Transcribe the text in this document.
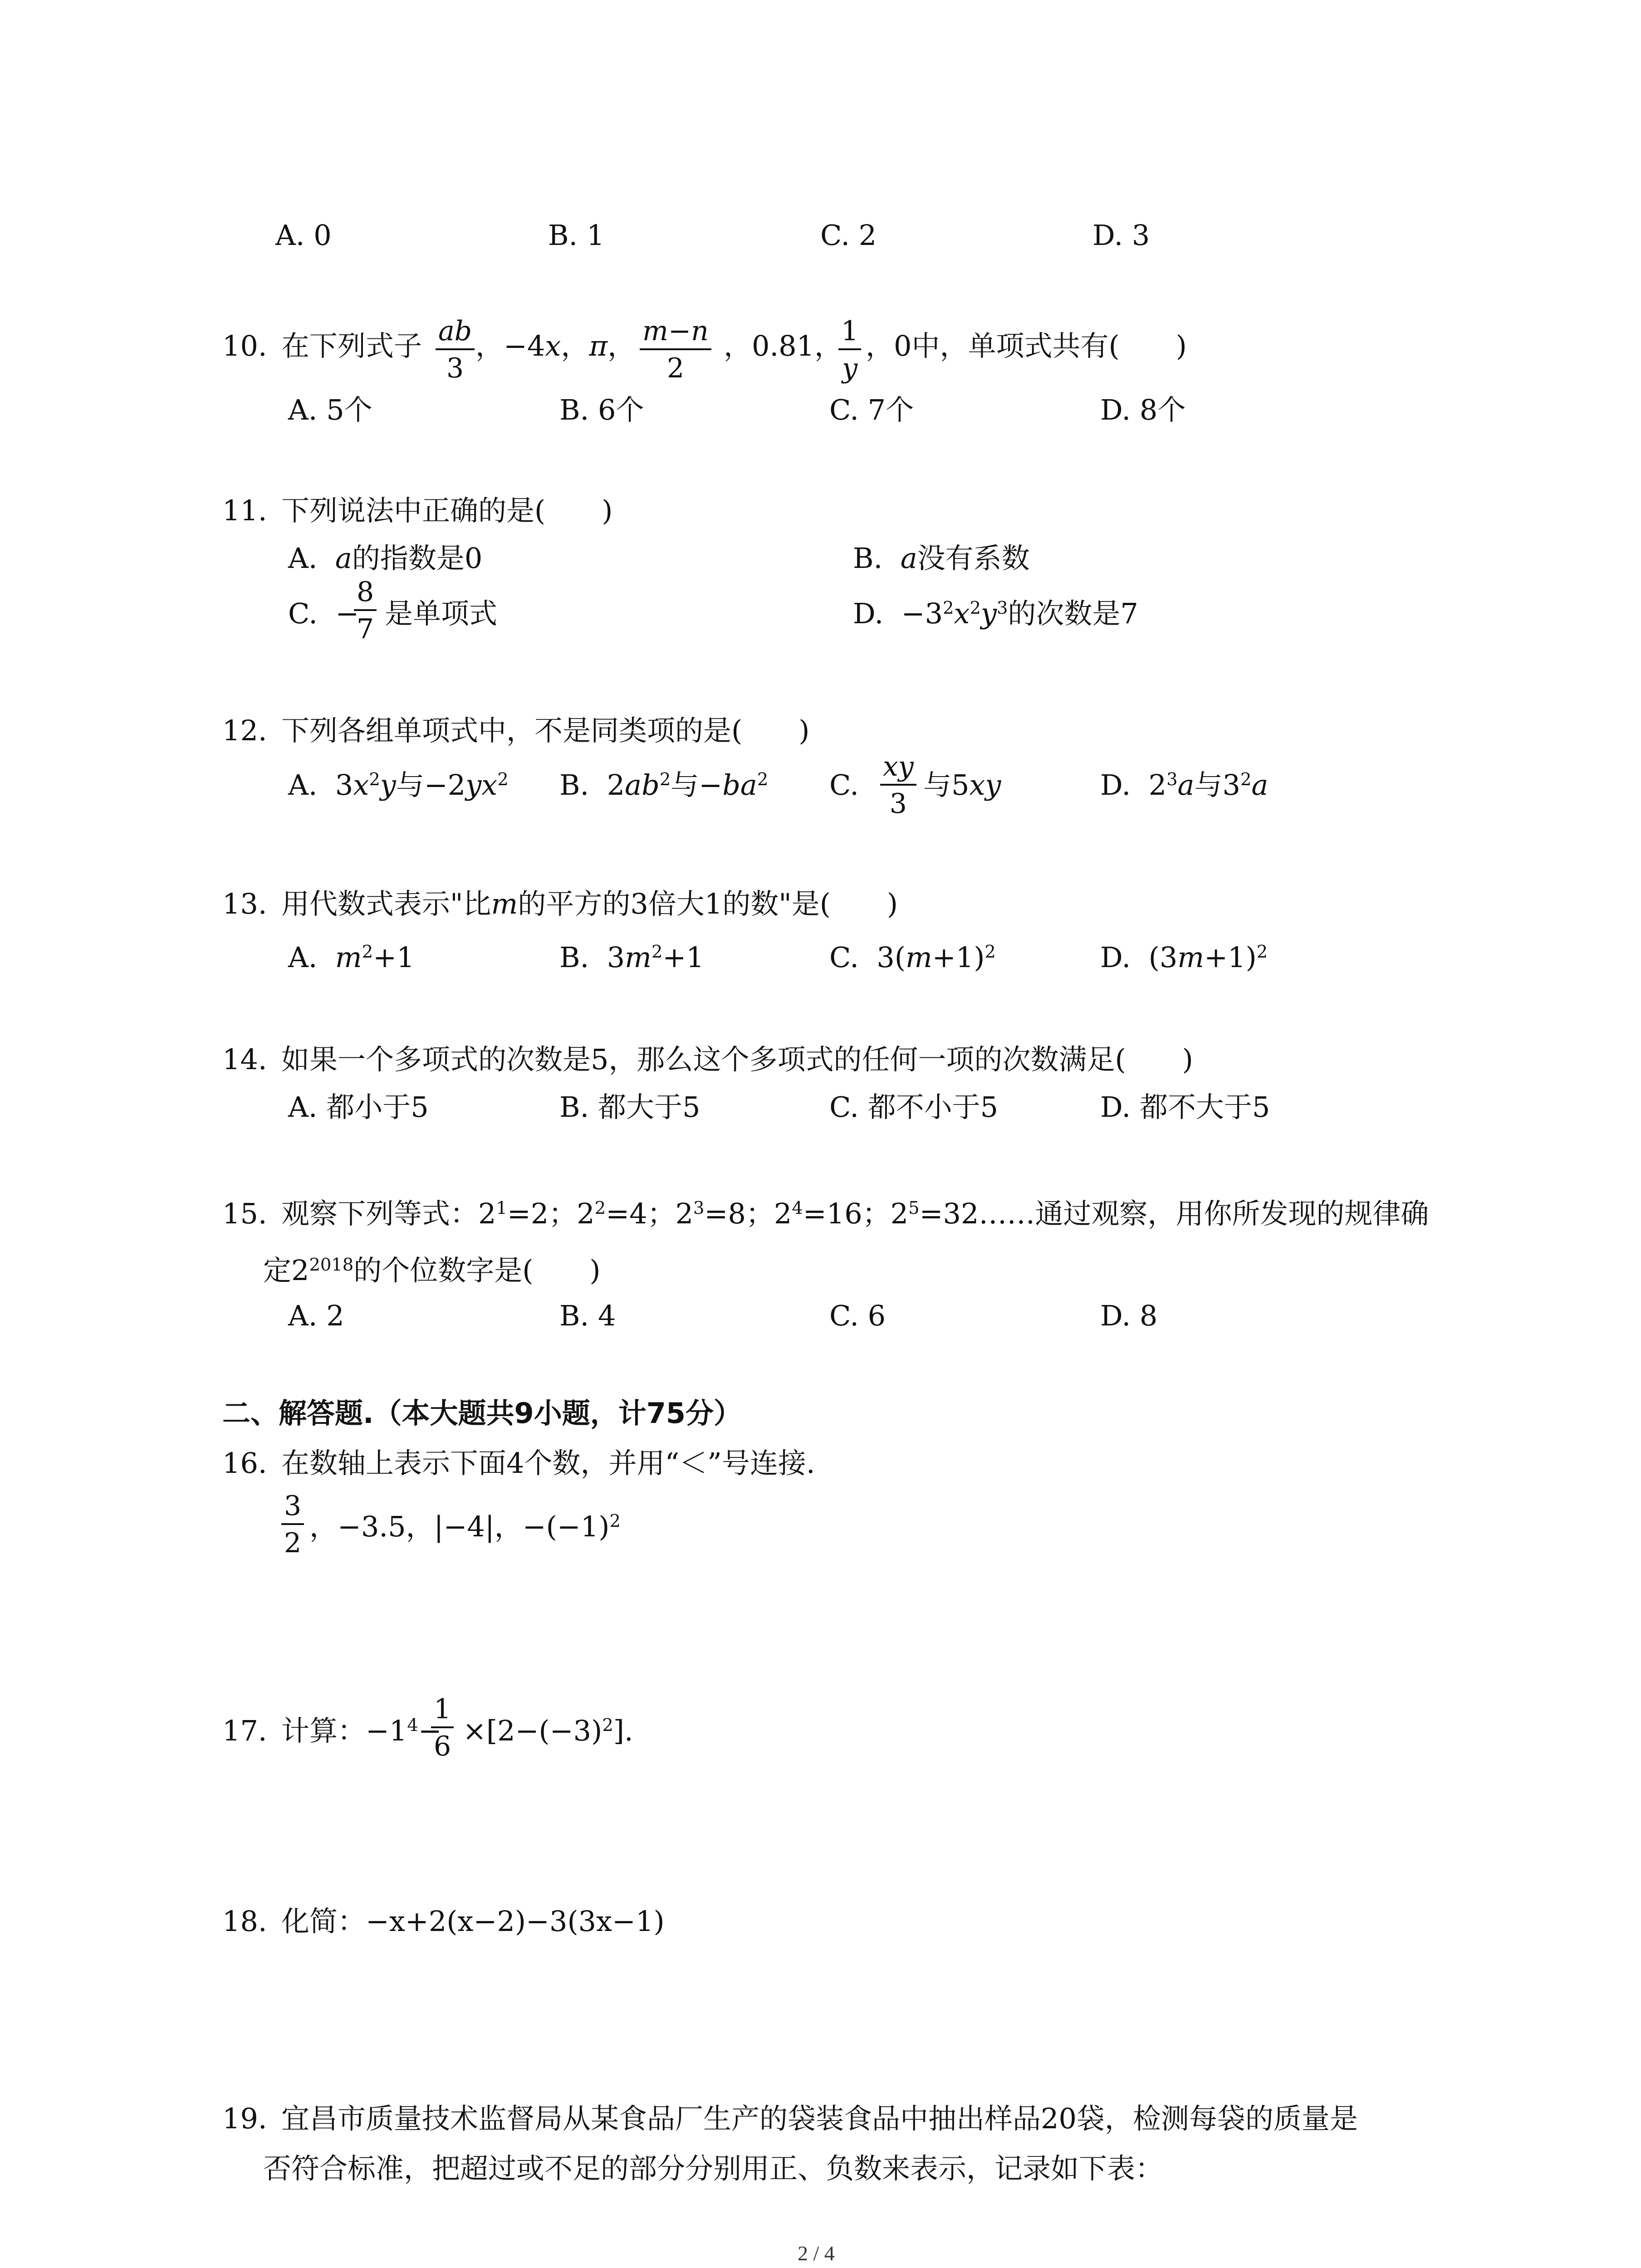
A. 0	B. 1	C. 2	D. 3
10. 在下列式子 $\frac{ab}{3}$ ，−4x，π， $\frac{m-n}{2}$ ，0.81，
$\frac{1}{y}$ ，0中，单项式共有(　　)
A. 5个	B. 6个	C. 7个	D. 8个
11. 下列说法中正确的是(　　)
A. a的指数是0	B. a没有系数
C. −
$\frac{8}{7}$ 是单项式	D. $-3^2x^2y^3$的次数是7
12. 下列各组单项式中，不是同类项的是(　　)
A.  $3x^2y$与$-2yx^2$ B.  $2ab^2$与$-ba^2$ C. $\frac{xy}{3}$ 与5xy	D.  $2^3a$与$3^2a$
13. 用代数式表示"比m的平方的3倍大1的数"是(　　)
A. $m^2+1$	B.  $3m^2+1$	C.  $3(m+1)^2$	D.  $(3m+1)^2$
14. 如果一个多项式的次数是5，那么这个多项式的任何一项的次数满足(　　)
A. 都小于5	B. 都大于5	C. 都不小于5	D. 都不大于5
15. 观察下列等式：$2^1=2$；$2^2=4$；$2^3=8$；$2^4=16$；$2^5=32\dots\dots$通过观察，用你所发现的规律确
定$2^{2018}$的个位数字是(　　)
A. 2	B. 4	C. 6	D. 8
二、解答题.（本大题共9小题，计75分）
16. 在数轴上表示下面4个数，并用“＜”号连接.
$\frac{3}{2}$ ，−3.5，|−4|，$-(-1)^2$
17. 计算：$-1^4-$
$\frac{1}{6} \times[2-(-3)^2]$.
18. 化简：−x+2(x−2)−3(3x−1)
19. 宜昌市质量技术监督局从某食品厂生产的袋装食品中抽出样品20袋，检测每袋的质量是
否符合标准，把超过或不足的部分分别用正、负数来表示，记录如下表：
2 / 4
